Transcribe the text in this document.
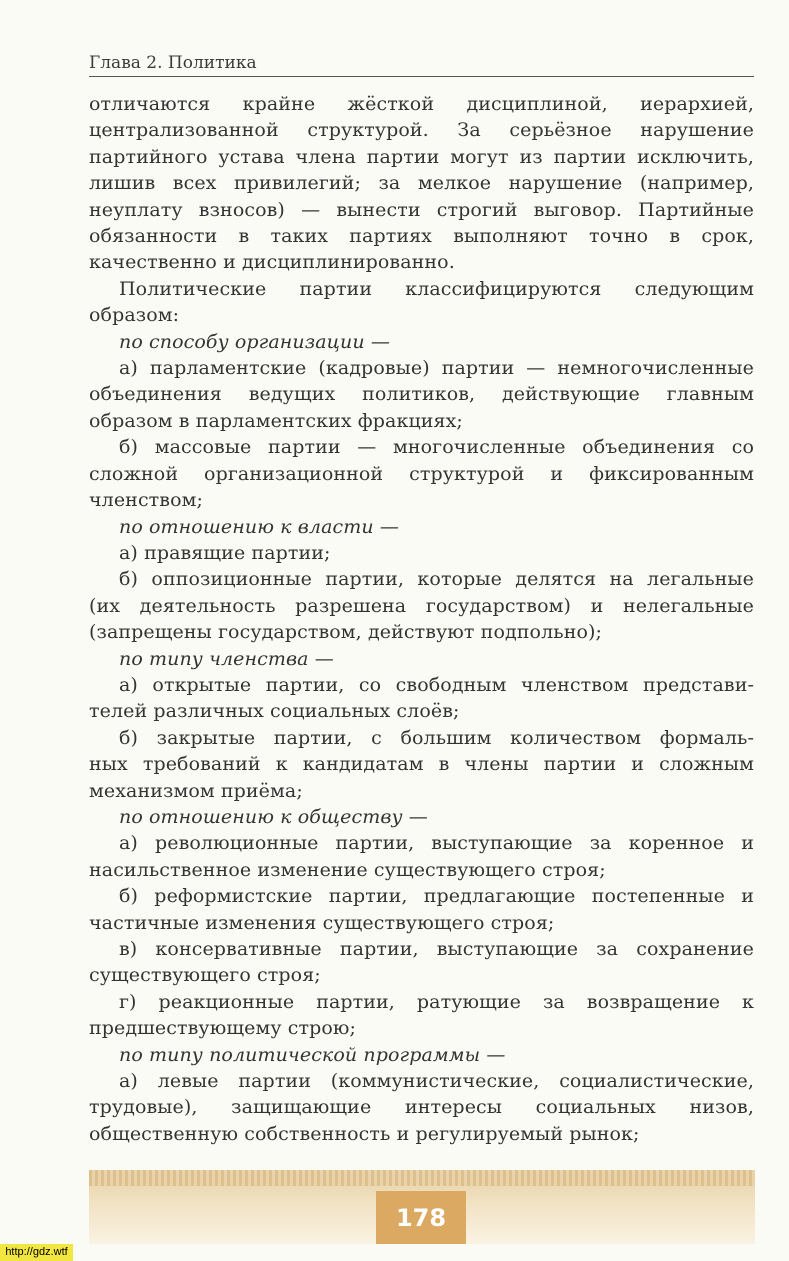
Глава 2. Политика

отличаются крайне жёсткой дисциплиной, иерархией,

централизованной структурой. За серьёзное нарушение

партийного устава члена партии могут из партии исключить,

лишив всех привилегий; за мелкое нарушение (например,

неуплату взносов) — вынести строгий выговор. Партийные

обязанности в таких партиях выполняют точно в срок,

качественно и дисциплинированно.

Политические партии классифицируются следующим

образом:

по способу организации —

а) парламентские (кадровые) партии — немногочисленные

объединения ведущих политиков, действующие главным

образом в парламентских фракциях;

б) массовые партии — многочисленные объединения со

сложной организационной структурой и фиксированным

членством;

по отношению к власти —

а) правящие партии;

б) оппозиционные партии, которые делятся на легальные

(их деятельность разрешена государством) и нелегальные

(запрещены государством, действуют подпольно);

по типу членства —

а) открытые партии, со свободным членством представи-

телей различных социальных слоёв;

б) закрытые партии, с большим количеством формаль-

ных требований к кандидатам в члены партии и сложным

механизмом приёма;

по отношению к обществу —

а) революционные партии, выступающие за коренное и

насильственное изменение существующего строя;

б) реформистские партии, предлагающие постепенные и

частичные изменения существующего строя;

в) консервативные партии, выступающие за сохранение

существующего строя;

г) реакционные партии, ратующие за возвращение к

предшествующему строю;

по типу политической программы —

а) левые партии (коммунистические, социалистические,

трудовые), защищающие интересы социальных низов,

общественную собственность и регулируемый рынок;

178
http://gdz.wtf
